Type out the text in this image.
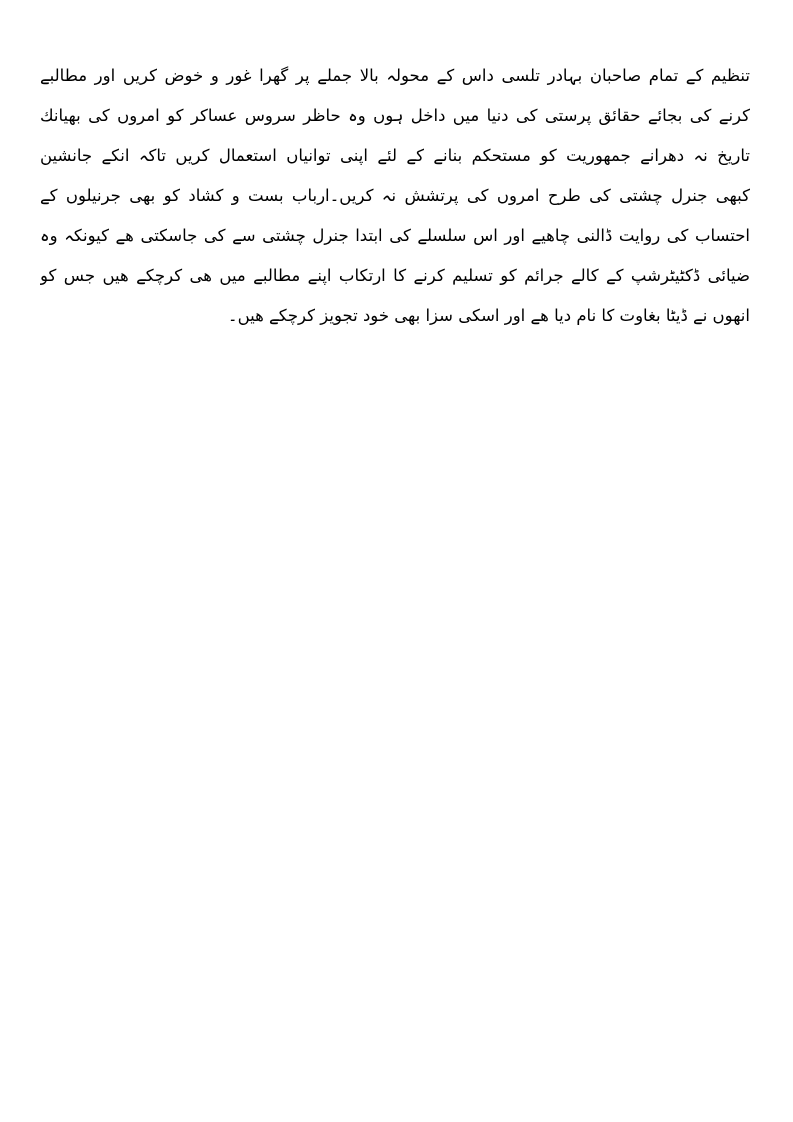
تنظیم کے تمام صاحبان بہادر تلسی داس کے محولہ بالا جملے پر گھرا غور و خوض کریں اور مطالبے
کرنے کی بجائے حقائق پرستی کی دنیا میں داخل ہوں وہ حاظر سروس عساکر کو امروں کی بھیانك
تاریخ نہ دھرانے جمھوریت کو مستحکم بنانے کے لئے اپنی توانیاں استعمال کریں تاکہ انکے جانشین
کبھی جنرل چشتی کی طرح امروں کی پرتشش نہ کریں۔ارباب بست و کشاد کو بھی جرنیلوں کے
احتساب کی روایت ڈالنی چاھیے اور اس سلسلے کی ابتدا جنرل چشتی سے کی جاسکتی ھے کیونکہ وہ
ضیائی ڈکٹیٹرشپ کے کالے جرائم کو تسلیم کرنے کا ارتکاب اپنے مطالبے میں ھی کرچکے ھیں جس کو
انھوں نے ڈیٹا بغاوت کا نام دیا ھے اور اسکی سزا بھی خود تجویز کرچکے ھیں۔
